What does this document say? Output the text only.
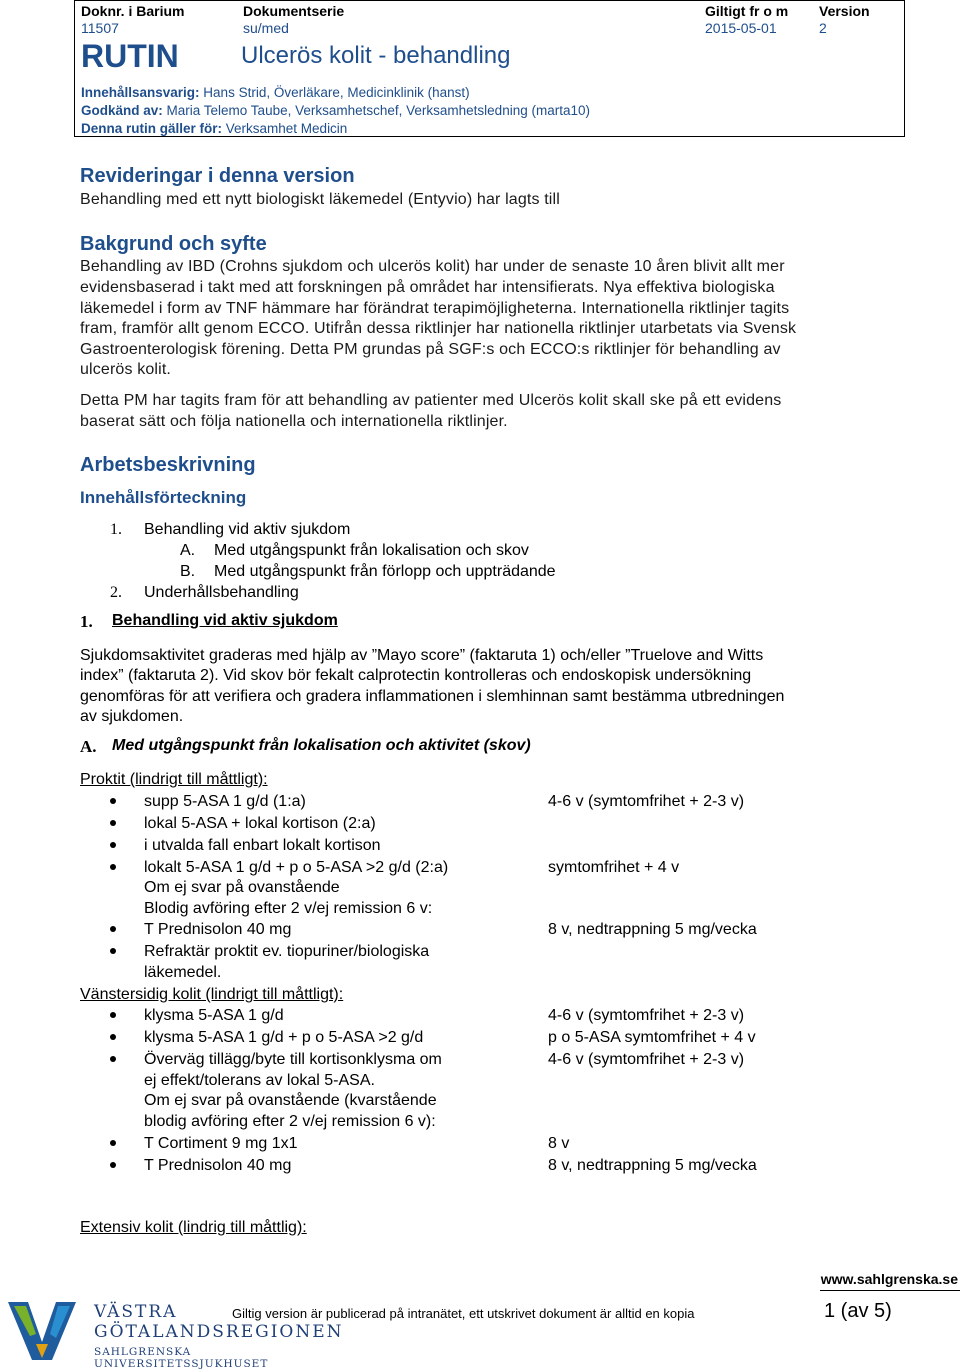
Doknr. i Barium
11507
Dokumentserie
su/med
Giltigt fr o m
2015-05-01
Version
2
RUTIN	Ulcerös kolit - behandling
Innehållsansvarig: Hans Strid, Överläkare, Medicinklinik (hanst)
Godkänd av: Maria Telemo Taube, Verksamhetschef, Verksamhetsledning (marta10)
Denna rutin gäller för: Verksamhet Medicin
Revideringar i denna version
Behandling med ett nytt biologiskt läkemedel (Entyvio) har lagts till
Bakgrund och syfte
Behandling av IBD (Crohns sjukdom och ulcerös kolit) har under de senaste 10 åren blivit allt mer
evidensbaserad i takt med att forskningen på området har intensifierats. Nya effektiva biologiska
läkemedel i form av TNF hämmare har förändrat terapimöjligheterna. Internationella riktlinjer tagits
fram, framför allt genom ECCO. Utifrån dessa riktlinjer har nationella riktlinjer utarbetats via Svensk
Gastroenterologisk förening. Detta PM grundas på SGF:s och ECCO:s riktlinjer för behandling av
ulcerös kolit.
Detta PM har tagits fram för att behandling av patienter med Ulcerös kolit skall ske på ett evidens
baserat sätt och följa nationella och internationella riktlinjer.
Arbetsbeskrivning
Innehållsförteckning
1. Behandling vid aktiv sjukdom
A. Med utgångspunkt från lokalisation och skov
B. Med utgångspunkt från förlopp och uppträdande
2. Underhållsbehandling
1. Behandling vid aktiv sjukdom
Sjukdomsaktivitet graderas med hjälp av ”Mayo score” (faktaruta 1) och/eller ”Truelove and Witts
index” (faktaruta 2). Vid skov bör fekalt calprotectin kontrolleras och endoskopisk undersökning
genomföras för att verifiera och gradera inflammationen i slemhinnan samt bestämma utbredningen
av sjukdomen.
A. Med utgångspunkt från lokalisation och aktivitet (skov)
Proktit (lindrigt till måttligt):
supp 5-ASA 1 g/d (1:a)	4-6 v (symtomfrihet + 2-3 v)
lokal 5-ASA + lokal kortison (2:a)
i utvalda fall enbart lokalt kortison
lokalt 5-ASA 1 g/d + p o 5-ASA >2 g/d (2:a)	symtomfrihet + 4 v
Om ej svar på ovanstående
Blodig avföring efter 2 v/ej remission 6 v:
T Prednisolon 40 mg	8 v, nedtrappning 5 mg/vecka
Refraktär proktit ev. tiopuriner/biologiska
läkemedel.
Vänstersidig kolit (lindrigt till måttligt):
klysma 5-ASA 1 g/d	4-6 v (symtomfrihet + 2-3 v)
klysma 5-ASA 1 g/d + p o 5-ASA >2 g/d	p o 5-ASA symtomfrihet + 4 v
Överväg tillägg/byte till kortisonklysma om	4-6 v (symtomfrihet + 2-3 v)
ej effekt/tolerans av lokal 5-ASA.
Om ej svar på ovanstående (kvarstående
blodig avföring efter 2 v/ej remission 6 v):
T Cortiment 9 mg 1x1	8 v
T Prednisolon 40 mg	8 v, nedtrappning 5 mg/vecka
Extensiv kolit (lindrig till måttlig):
www.sahlgrenska.se
Giltig version är publicerad på intranätet, ett utskrivet dokument är alltid en kopia	1 (av 5)
VÄSTRA
GÖTALANDSREGIONEN
SAHLGRENSKA UNIVERSITETSSJUKHUSET
